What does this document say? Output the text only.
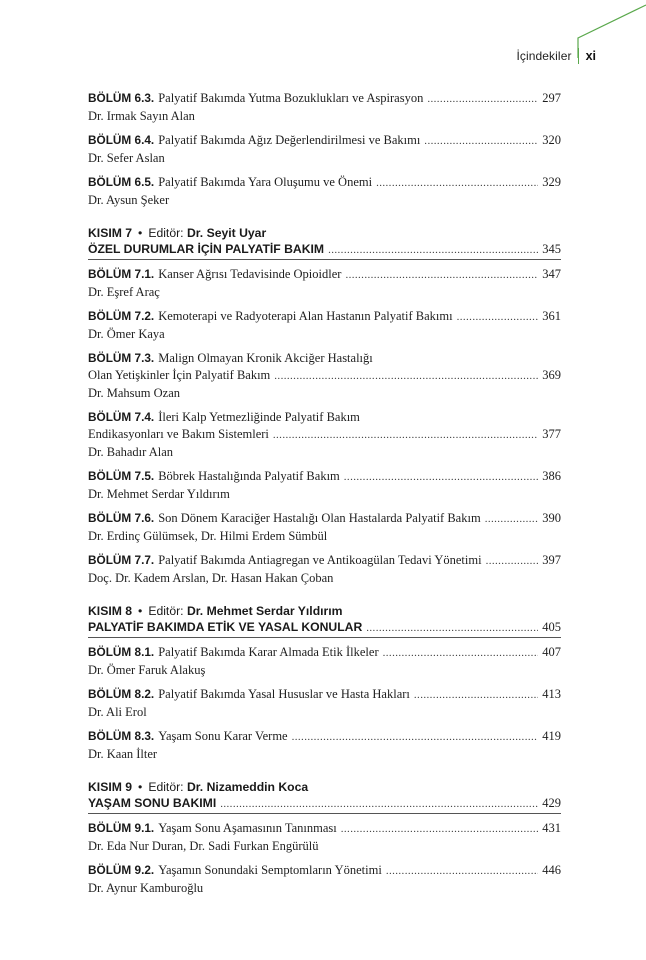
İçindekiler xi
BÖLÜM 6.3. Palyatif Bakımda Yutma Bozuklukları ve Aspirasyon .....	297
Dr. Irmak Sayın Alan
BÖLÜM 6.4. Palyatif Bakımda Ağız Değerlendirilmesi ve Bakımı .....	320
Dr. Sefer Aslan
BÖLÜM 6.5. Palyatif Bakımda Yara Oluşumu ve Önemi .....	329
Dr. Aysun Şeker
KISIM 7 • Editör: Dr. Seyit Uyar
ÖZEL DURUMLAR İÇİN PALYATİF BAKIM .....	345
BÖLÜM 7.1. Kanser Ağrısı Tedavisinde Opioidler .....	347
Dr. Eşref Araç
BÖLÜM 7.2. Kemoterapi ve Radyoterapi Alan Hastanın Palyatif Bakımı .....	361
Dr. Ömer Kaya
BÖLÜM 7.3. Malign Olmayan Kronik Akciğer Hastalığı
Olan Yetişkinler İçin Palyatif Bakım .....	369
Dr. Mahsum Ozan
BÖLÜM 7.4. İleri Kalp Yetmezliğinde Palyatif Bakım
Endikasyonları ve Bakım Sistemleri .....	377
Dr. Bahadır Alan
BÖLÜM 7.5. Böbrek Hastalığında Palyatif Bakım .....	386
Dr. Mehmet Serdar Yıldırım
BÖLÜM 7.6. Son Dönem Karaciğer Hastalığı Olan Hastalarda Palyatif Bakım .....	390
Dr. Erdinç Gülümsek, Dr. Hilmi Erdem Sümbül
BÖLÜM 7.7. Palyatif Bakımda Antiagregan ve Antikoagülan Tedavi Yönetimi .....	397
Doç. Dr. Kadem Arslan, Dr. Hasan Hakan Çoban
KISIM 8 • Editör: Dr. Mehmet Serdar Yıldırım
PALYATİF BAKIMDA ETİK VE YASAL KONULAR .....	405
BÖLÜM 8.1. Palyatif Bakımda Karar Almada Etik İlkeler .....	407
Dr. Ömer Faruk Alakuş
BÖLÜM 8.2. Palyatif Bakımda Yasal Hususlar ve Hasta Hakları .....	413
Dr. Ali Erol
BÖLÜM 8.3. Yaşam Sonu Karar Verme .....	419
Dr. Kaan İlter
KISIM 9 • Editör: Dr. Nizameddin Koca
YAŞAM SONU BAKIMI .....	429
BÖLÜM 9.1. Yaşam Sonu Aşamasının Tanınması .....	431
Dr. Eda Nur Duran, Dr. Sadi Furkan Engürülü
BÖLÜM 9.2. Yaşamın Sonundaki Semptomların Yönetimi .....	446
Dr. Aynur Kamburoğlu
